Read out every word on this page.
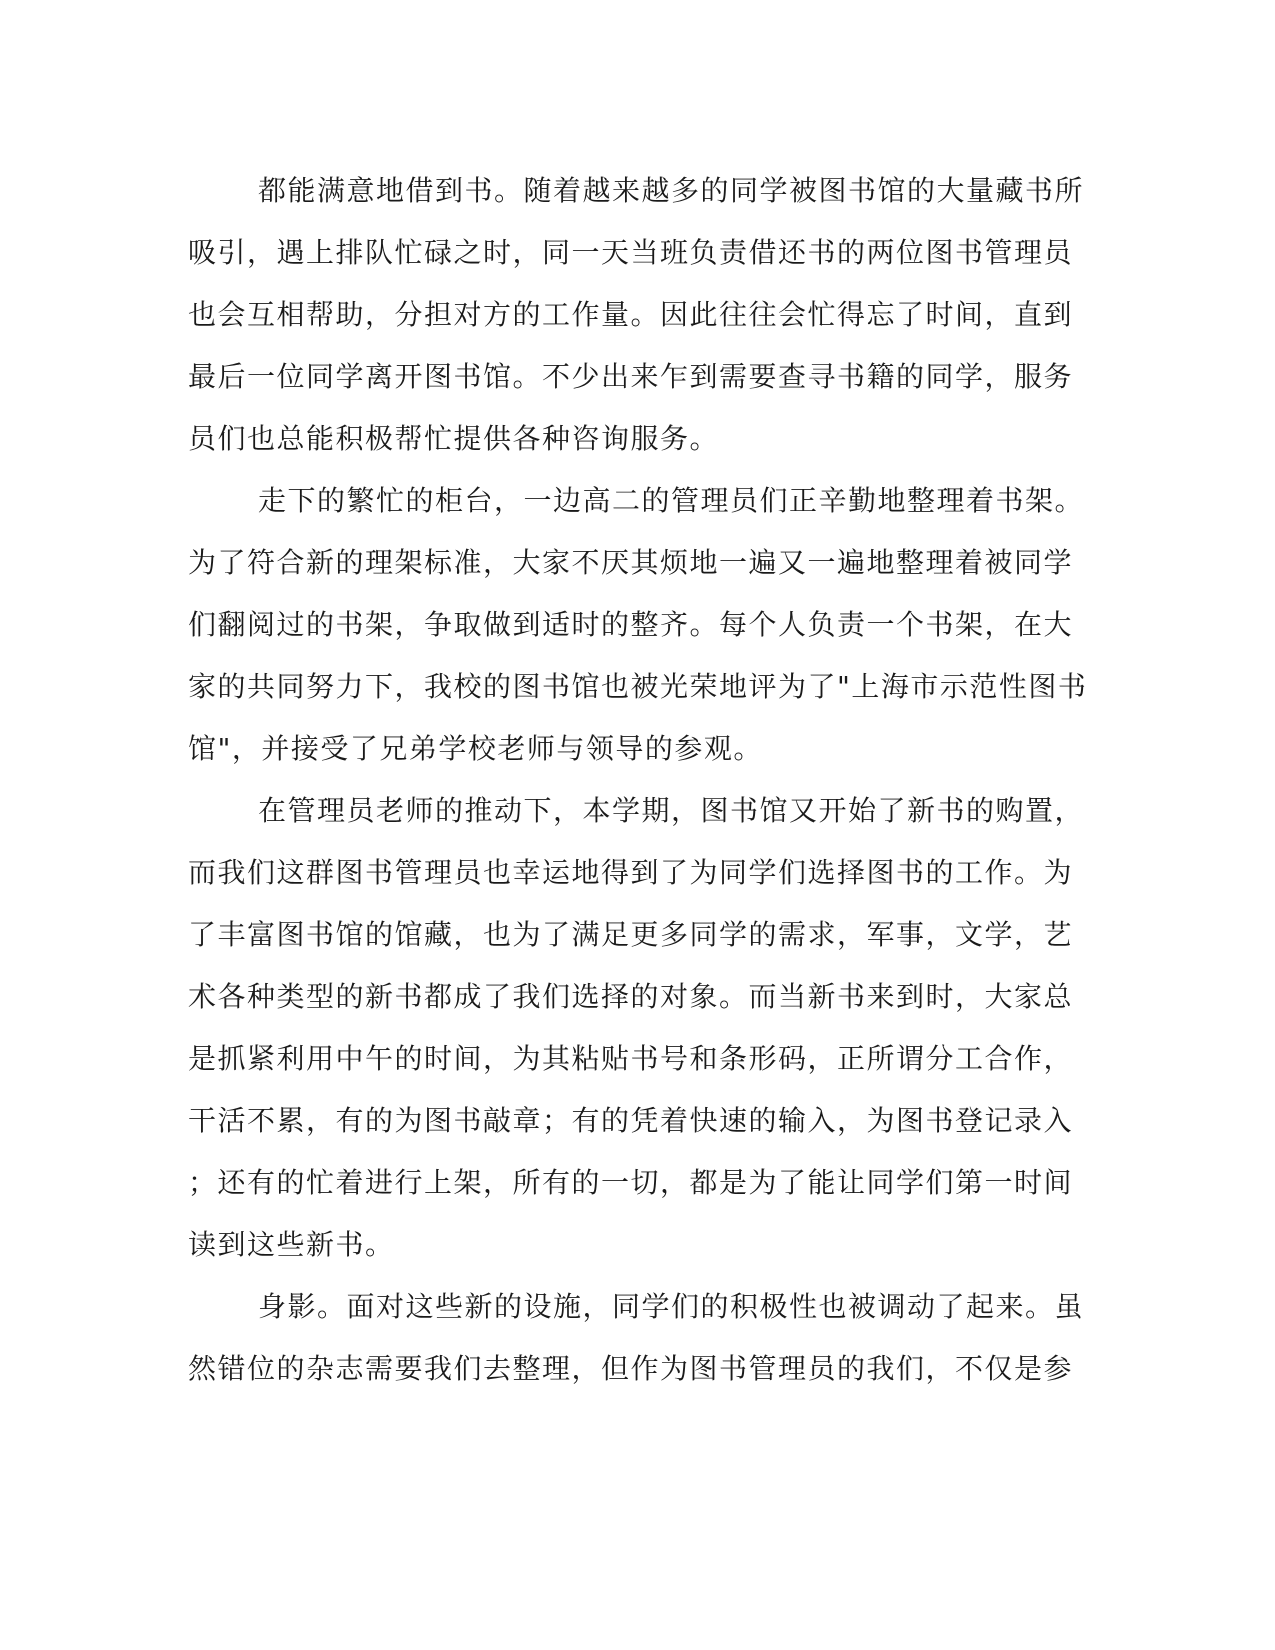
都能满意地借到书。随着越来越多的同学被图书馆的大量藏书所
吸引，遇上排队忙碌之时，同一天当班负责借还书的两位图书管理员
也会互相帮助，分担对方的工作量。因此往往会忙得忘了时间，直到
最后一位同学离开图书馆。不少出来乍到需要查寻书籍的同学，服务
员们也总能积极帮忙提供各种咨询服务。
走下的繁忙的柜台，一边高二的管理员们正辛勤地整理着书架。
为了符合新的理架标准，大家不厌其烦地一遍又一遍地整理着被同学
们翻阅过的书架，争取做到适时的整齐。每个人负责一个书架，在大
家的共同努力下，我校的图书馆也被光荣地评为了"上海市示范性图书
馆"，并接受了兄弟学校老师与领导的参观。
在管理员老师的推动下，本学期，图书馆又开始了新书的购置，
而我们这群图书管理员也幸运地得到了为同学们选择图书的工作。为
了丰富图书馆的馆藏，也为了满足更多同学的需求，军事，文学，艺
术各种类型的新书都成了我们选择的对象。而当新书来到时，大家总
是抓紧利用中午的时间，为其粘贴书号和条形码，正所谓分工合作，
干活不累，有的为图书敲章；有的凭着快速的输入，为图书登记录入
；还有的忙着进行上架，所有的一切，都是为了能让同学们第一时间
读到这些新书。
身影。面对这些新的设施，同学们的积极性也被调动了起来。虽
然错位的杂志需要我们去整理，但作为图书管理员的我们，不仅是参
